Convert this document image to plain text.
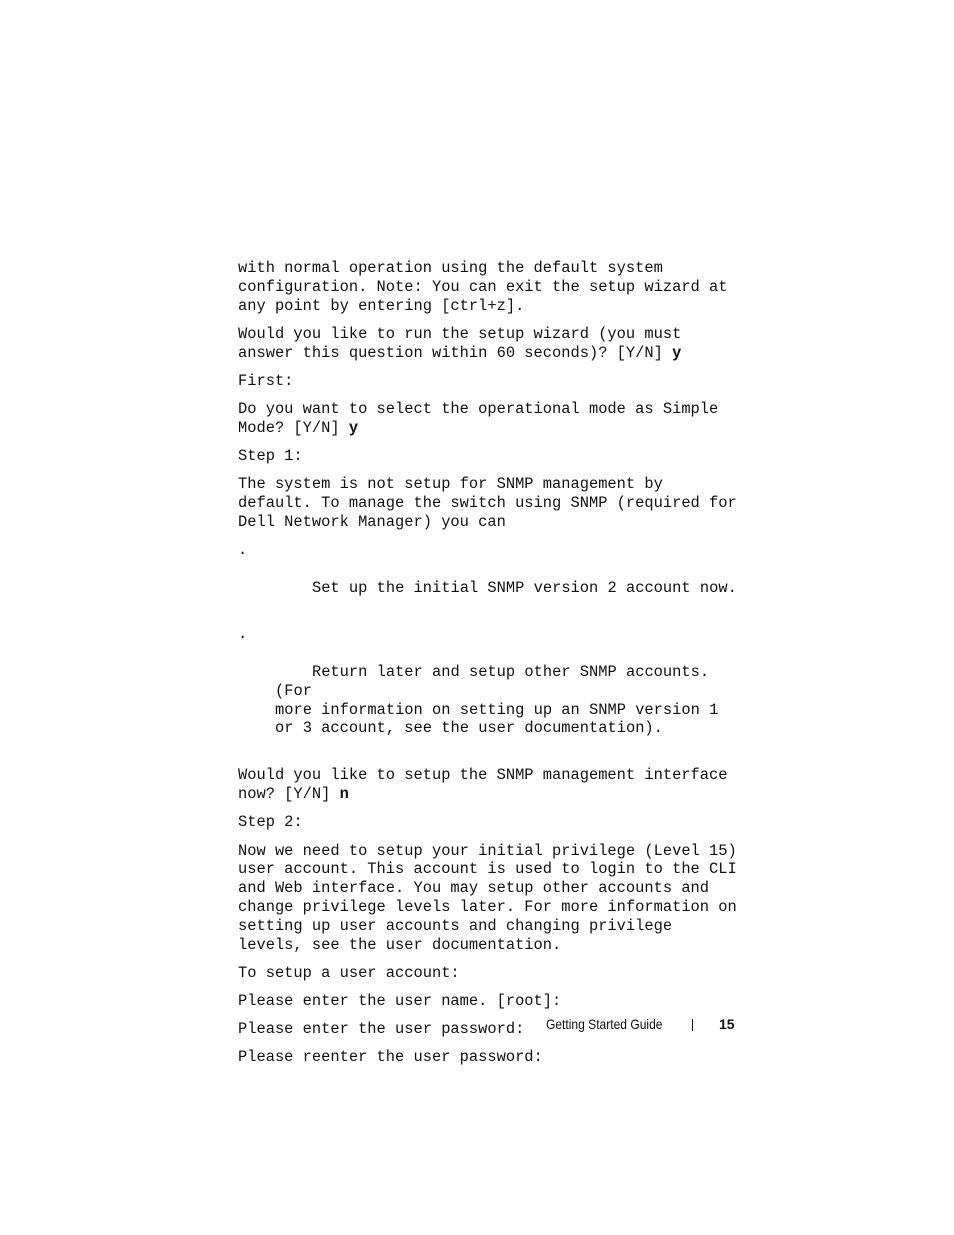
with normal operation using the default system
configuration. Note: You can exit the setup wizard at
any point by entering [ctrl+z].

Would you like to run the setup wizard (you must
answer this question within 60 seconds)? [Y/N] y

First:

Do you want to select the operational mode as Simple
Mode? [Y/N] y

Step 1:

The system is not setup for SNMP management by
default. To manage the switch using SNMP (required for
Dell Network Manager) you can

.

Set up the initial SNMP version 2 account now.

.

Return later and setup other SNMP accounts. (For
more information on setting up an SNMP version 1
or 3 account, see the user documentation).

Would you like to setup the SNMP management interface
now? [Y/N] n

Step 2:

Now we need to setup your initial privilege (Level 15)
user account. This account is used to login to the CLI
and Web interface. You may setup other accounts and
change privilege levels later. For more information on
setting up user accounts and changing privilege
levels, see the user documentation.

To setup a user account:

Please enter the user name. [root]:

Please enter the user password:

Please reenter the user password:

Getting Started Guide	15
